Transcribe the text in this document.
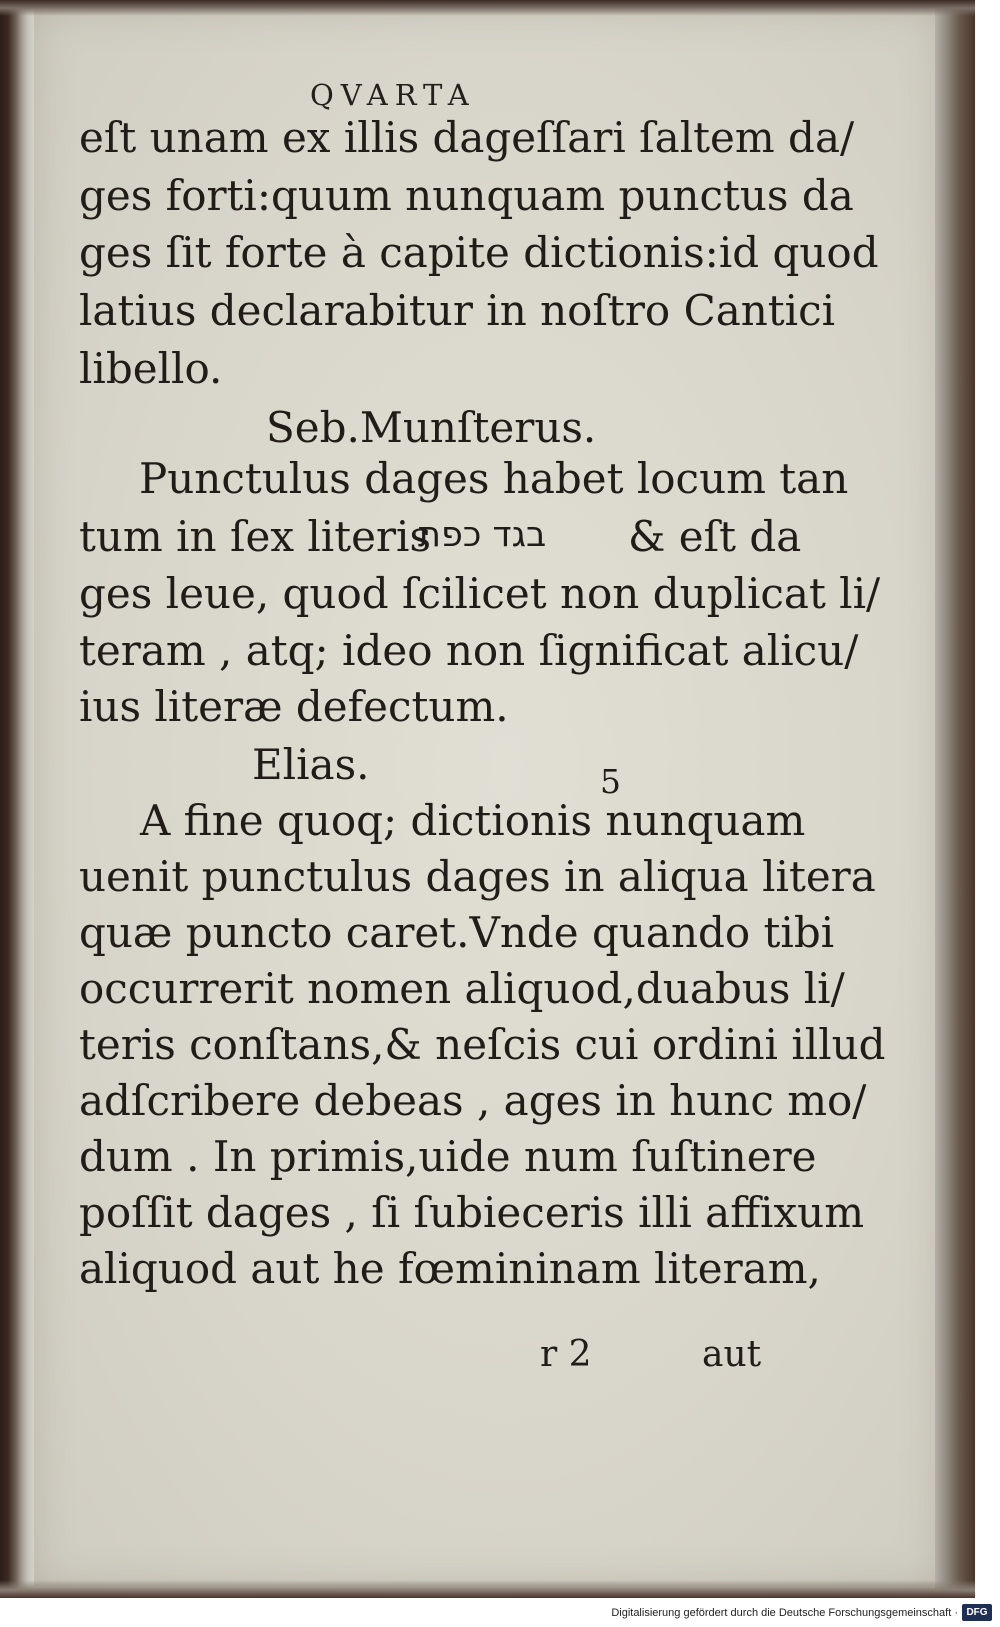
QVARTA
eſt unam ex illis dageſſari ſaltem da/
ges forti:quum nunquam punctus da
ges ſit forte à capite dictionis:id quod
latius declarabitur in noſtro Cantici
libello.
Seb.Munſterus.
Punctulus dages habet locum tan
tum in ſex literis
בגד כפת & eſt da
ges leue, quod ſcilicet non duplicat li/
teram , atq; ideo non ſignificat alicu/
ius literæ defectum.
Elias.	5
A fine quoq; dictionis nunquam
uenit punctulus dages in aliqua litera
quæ puncto caret.Vnde quando tibi
occurrerit nomen aliquod,duabus li/
teris conſtans,& neſcis cui ordini illud
adſcribere debeas , ages in hunc mo/
dum . In primis,uide num ſuſtinere
poſſit dages , ſi ſubieceris illi affixum
aliquod aut he fœmininam literam,
r 2	aut
Digitalisierung gefördert durch die Deutsche Forschungsgemeinschaft · DFG
